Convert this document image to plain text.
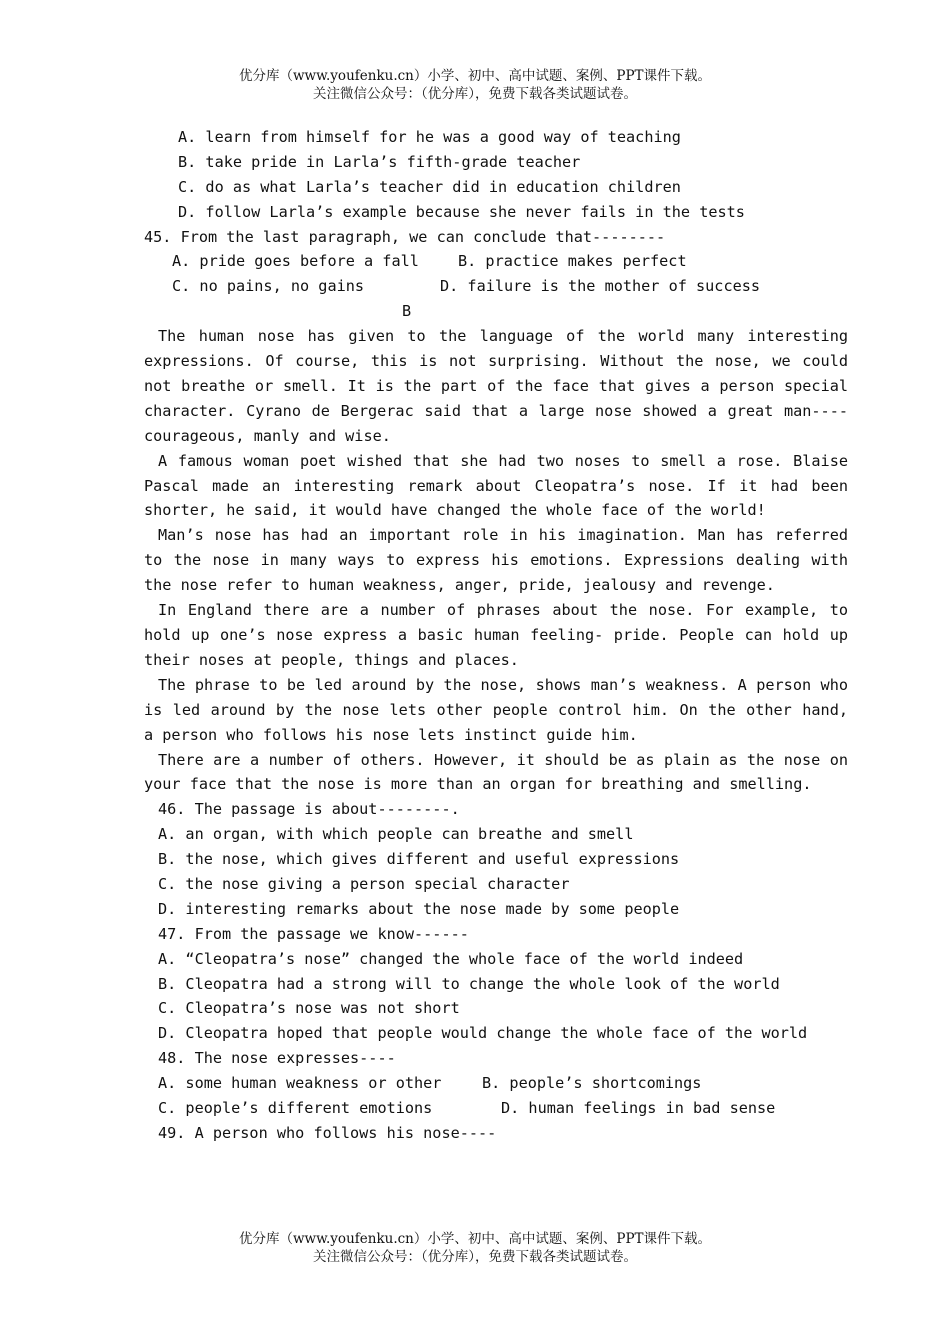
优分库（www.youfenku.cn）小学、初中、高中试题、案例、PPT课件下载。
关注微信公众号：（优分库），免费下载各类试题试卷。
A. learn from himself for he was a good way of teaching
B. take pride in Larla’s fifth-grade teacher
C. do as what Larla’s teacher did in education children
D. follow Larla’s example because she never fails in the tests
45. From the last paragraph, we can conclude that--------
A. pride goes before a fall	B. practice makes perfect
C. no pains, no gains	D. failure is the mother of success
B
The human nose has given to the language of the world many interesting expressions. Of course, this is not surprising. Without the nose, we could not breathe or smell. It is the part of the face that gives a person special character. Cyrano de Bergerac said that a large nose showed a great man----courageous, manly and wise.
A famous woman poet wished that she had two noses to smell a rose. Blaise Pascal made an interesting remark about Cleopatra’s nose. If it had been shorter, he said, it would have changed the whole face of the world!
Man’s nose has had an important role in his imagination. Man has referred to the nose in many ways to express his emotions. Expressions dealing with the nose refer to human weakness, anger, pride, jealousy and revenge.
In England there are a number of phrases about the nose. For example, to hold up one’s nose express a basic human feeling- pride. People can hold up their noses at people, things and places.
The phrase to be led around by the nose, shows man’s weakness. A person who is led around by the nose lets other people control him. On the other hand, a person who follows his nose lets instinct guide him.
There are a number of others. However, it should be as plain as the nose on your face that the nose is more than an organ for breathing and smelling.
46. The passage is about--------.
A. an organ, with which people can breathe and smell
B. the nose, which gives different and useful expressions
C. the nose giving a person special character
D. interesting remarks about the nose made by some people
47. From the passage we know------
A. “Cleopatra’s nose” changed the whole face of the world indeed
B. Cleopatra had a strong will to change the whole look of the world
C. Cleopatra’s nose was not short
D. Cleopatra hoped that people would change the whole face of the world
48. The nose expresses----
A. some human weakness or other	B. people’s shortcomings
C. people’s different emotions	D. human feelings in bad sense
49. A person who follows his nose----
优分库（www.youfenku.cn）小学、初中、高中试题、案例、PPT课件下载。
关注微信公众号：（优分库），免费下载各类试题试卷。
